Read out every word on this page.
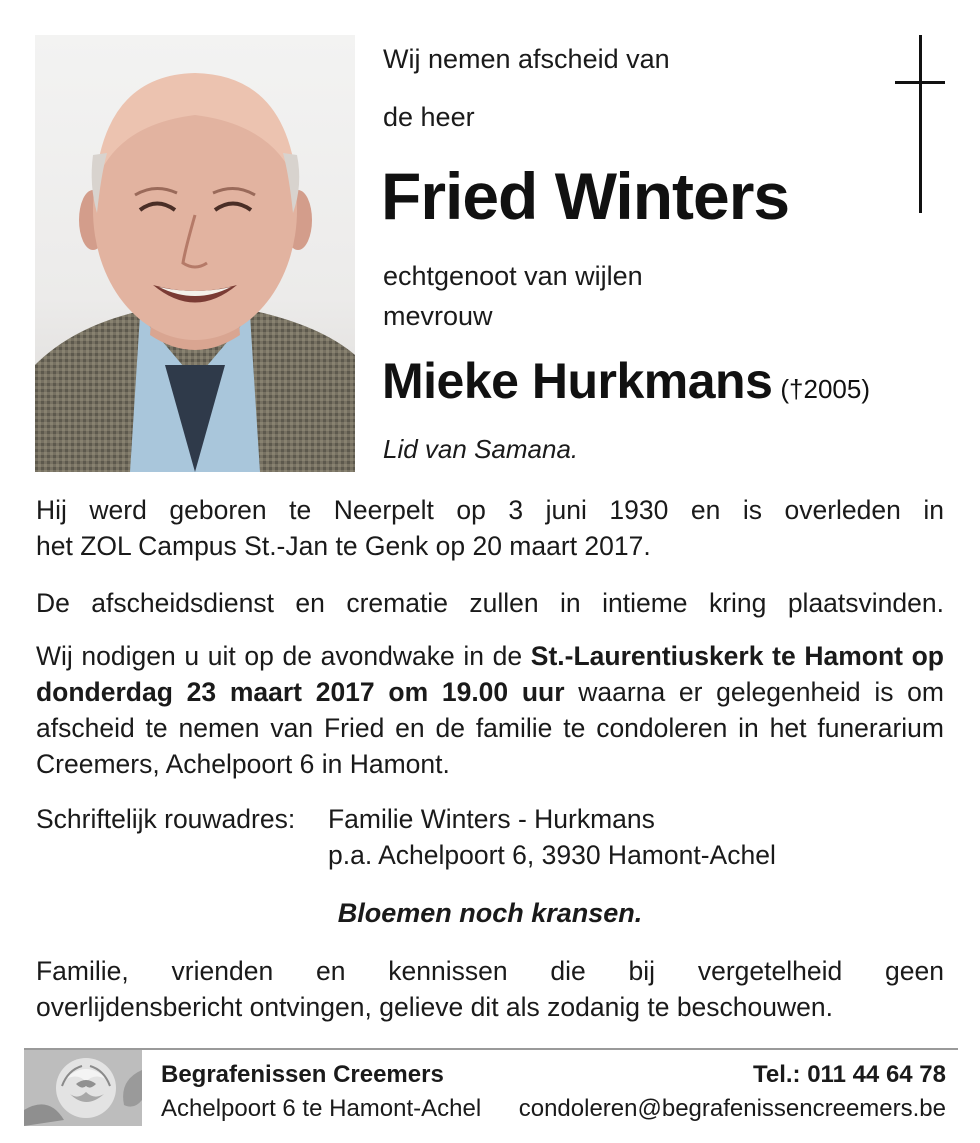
Wij nemen afscheid van
de heer
Fried Winters
echtgenoot van wijlen
mevrouw
Mieke Hurkmans (†2005)
Lid van Samana.
Hij werd geboren te Neerpelt op 3 juni 1930 en is overleden in
het ZOL Campus St.-Jan te Genk op 20 maart 2017.
De afscheidsdienst en crematie zullen in intieme kring plaatsvinden.
Wij nodigen u uit op de avondwake in de St.-Laurentiuskerk te Hamont op donderdag 23 maart 2017 om 19.00 uur waarna er gelegenheid is om afscheid te nemen van Fried en de familie te condoleren in het funerarium Creemers, Achelpoort 6 in Hamont.
Schriftelijk rouwadres: Familie Winters - Hurkmans
p.a. Achelpoort 6, 3930 Hamont-Achel
Bloemen noch kransen.
Familie, vrienden en kennissen die bij vergetelheid geen
overlijdensbericht ontvingen, gelieve dit als zodanig te beschouwen.
Begrafenissen Creemers
Achelpoort 6 te Hamont-Achel
Tel.: 011 44 64 78
condoleren@begrafenissencreemers.be
